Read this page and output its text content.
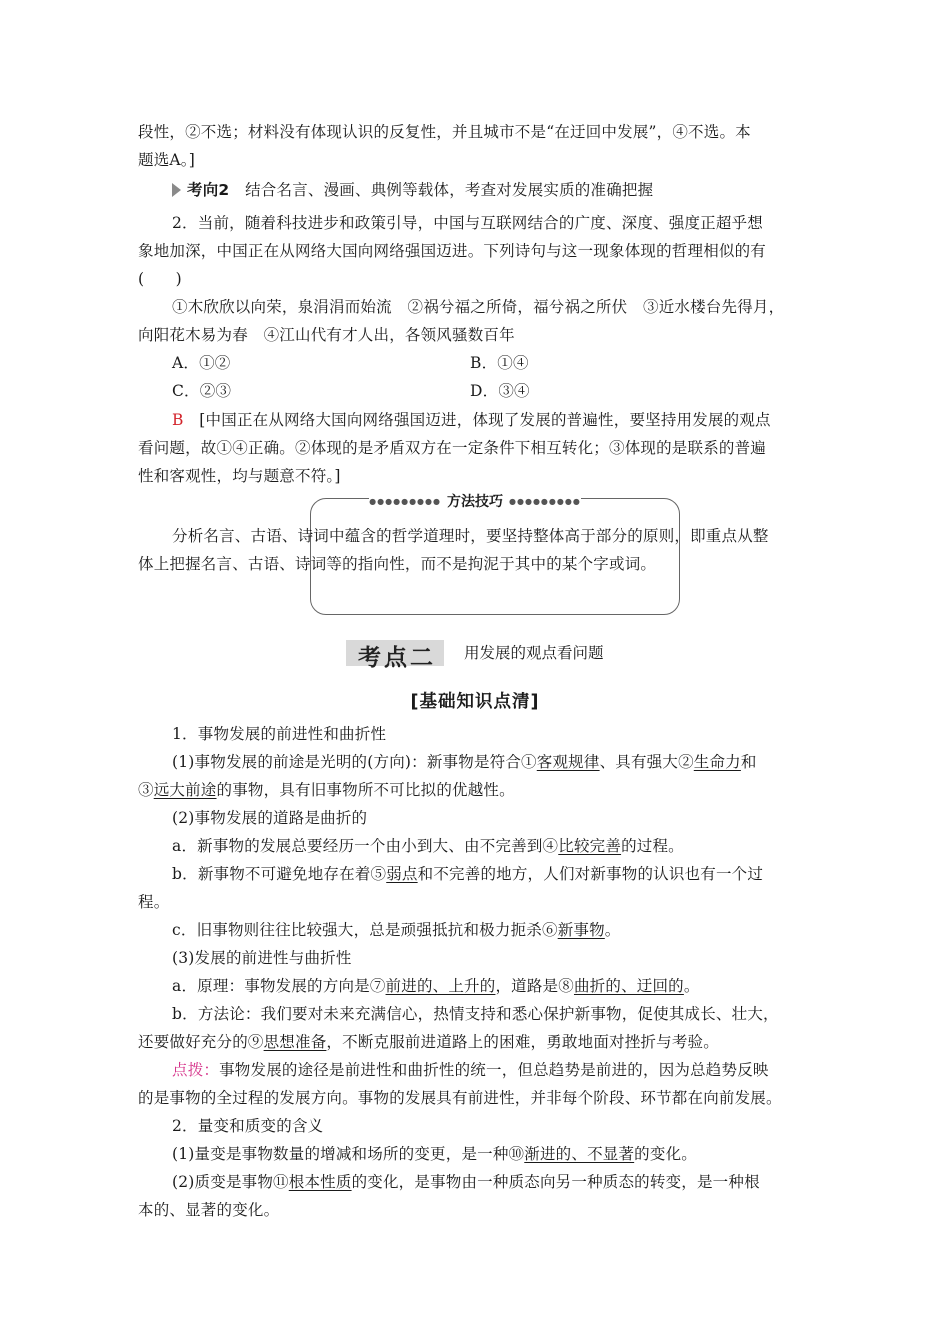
段性，②不选；材料没有体现认识的反复性，并且城市不是“在迂回中发展”，④不选。本
题选A。]
考向2　 结合名言、漫画、典例等载体，考查对发展实质的准确把握
2．当前，随着科技进步和政策引导，中国与互联网结合的广度、深度、强度正超乎想
象地加深，中国正在从网络大国向网络强国迈进。下列诗句与这一现象体现的哲理相似的有
(　　)
①木欣欣以向荣，泉涓涓而始流　②祸兮福之所倚，福兮祸之所伏　③近水楼台先得月，
向阳花木易为春　④江山代有才人出，各领风骚数百年
A．①②	B．①④
C．②③	D．③④
B　 [中国正在从网络大国向网络强国迈进，体现了发展的普遍性，要坚持用发展的观点
看问题，故①④正确。②体现的是矛盾双方在一定条件下相互转化；③体现的是联系的普遍
性和客观性，均与题意不符。]
●●●●●●●●● 方法技巧 ●●●●●●●●●
分析名言、古语、诗词中蕴含的哲学道理时，要坚持整体高于部分的原则，即重点从整
体上把握名言、古语、诗词等的指向性，而不是拘泥于其中的某个字或词。
考点二 用发展的观点看问题
[基础知识点清]
1．事物发展的前进性和曲折性
(1)事物发展的前途是光明的(方向)：新事物是符合①客观规律、具有强大②生命力和
③远大前途的事物，具有旧事物所不可比拟的优越性。
(2)事物发展的道路是曲折的
a．新事物的发展总要经历一个由小到大、由不完善到④比较完善的过程。
b．新事物不可避免地存在着⑤弱点和不完善的地方，人们对新事物的认识也有一个过
程。
c．旧事物则往往比较强大，总是顽强抵抗和极力扼杀⑥新事物。
(3)发展的前进性与曲折性
a．原理：事物发展的方向是⑦前进的、上升的，道路是⑧曲折的、迂回的。
b．方法论：我们要对未来充满信心，热情支持和悉心保护新事物，促使其成长、壮大，
还要做好充分的⑨思想准备，不断克服前进道路上的困难，勇敢地面对挫折与考验。
点拨：事物发展的途径是前进性和曲折性的统一，但总趋势是前进的，因为总趋势反映
的是事物的全过程的发展方向。事物的发展具有前进性，并非每个阶段、环节都在向前发展。
2．量变和质变的含义
(1)量变是事物数量的增减和场所的变更，是一种⑩渐进的、不显著的变化。
(2)质变是事物⑪根本性质的变化，是事物由一种质态向另一种质态的转变，是一种根
本的、显著的变化。
